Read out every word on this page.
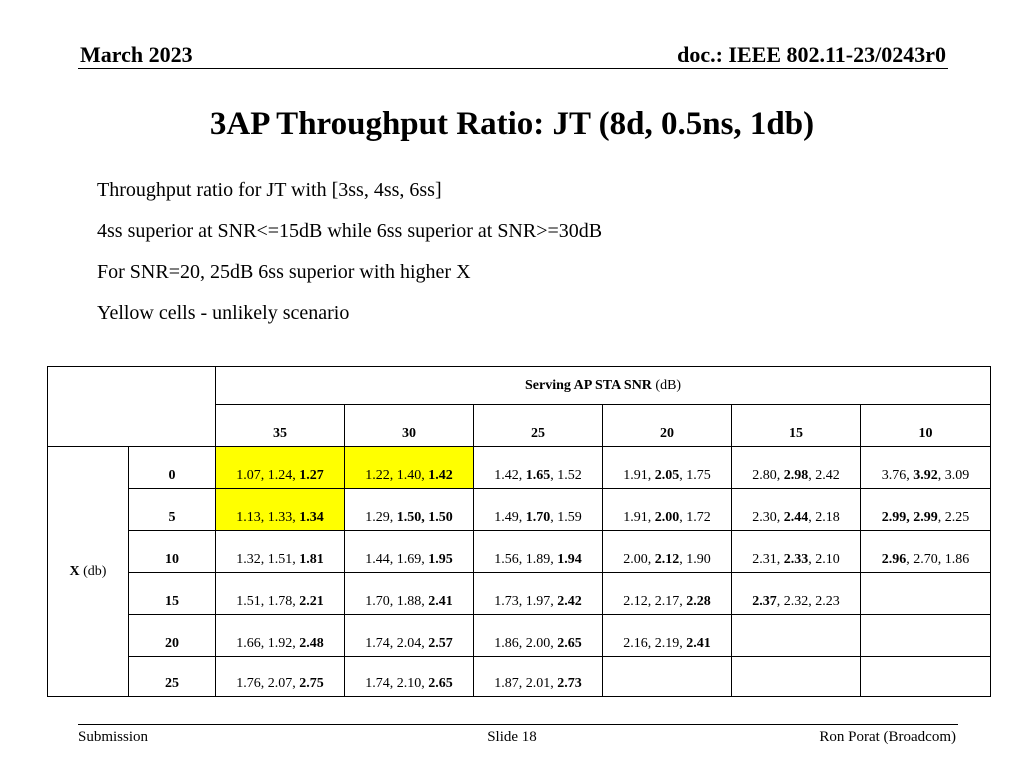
March 2023	doc.: IEEE 802.11-23/0243r0
3AP Throughput Ratio: JT (8d, 0.5ns, 1db)
Throughput ratio for JT with [3ss, 4ss, 6ss]
4ss superior at SNR<=15dB while 6ss superior at SNR>=30dB
For SNR=20, 25dB 6ss superior with higher X
Yellow cells - unlikely scenario
		Serving AP STA SNR (dB)					
		35	30	25	20	15	10
X (db)	0	1.07, 1.24, 1.27	1.22, 1.40, 1.42	1.42, 1.65, 1.52	1.91, 2.05, 1.75	2.80, 2.98, 2.42	3.76, 3.92, 3.09
	5	1.13, 1.33, 1.34	1.29, 1.50, 1.50	1.49, 1.70, 1.59	1.91, 2.00, 1.72	2.30, 2.44, 2.18	2.99, 2.99, 2.25
	10	1.32, 1.51, 1.81	1.44, 1.69, 1.95	1.56, 1.89, 1.94	2.00, 2.12, 1.90	2.31, 2.33, 2.10	2.96, 2.70, 1.86
	15	1.51, 1.78, 2.21	1.70, 1.88, 2.41	1.73, 1.97, 2.42	2.12, 2.17, 2.28	2.37, 2.32, 2.23	
	20	1.66, 1.92, 2.48	1.74, 2.04, 2.57	1.86, 2.00, 2.65	2.16, 2.19, 2.41		
	25	1.76, 2.07, 2.75	1.74, 2.10, 2.65	1.87, 2.01, 2.73			
Submission	Slide 18	Ron Porat (Broadcom)
